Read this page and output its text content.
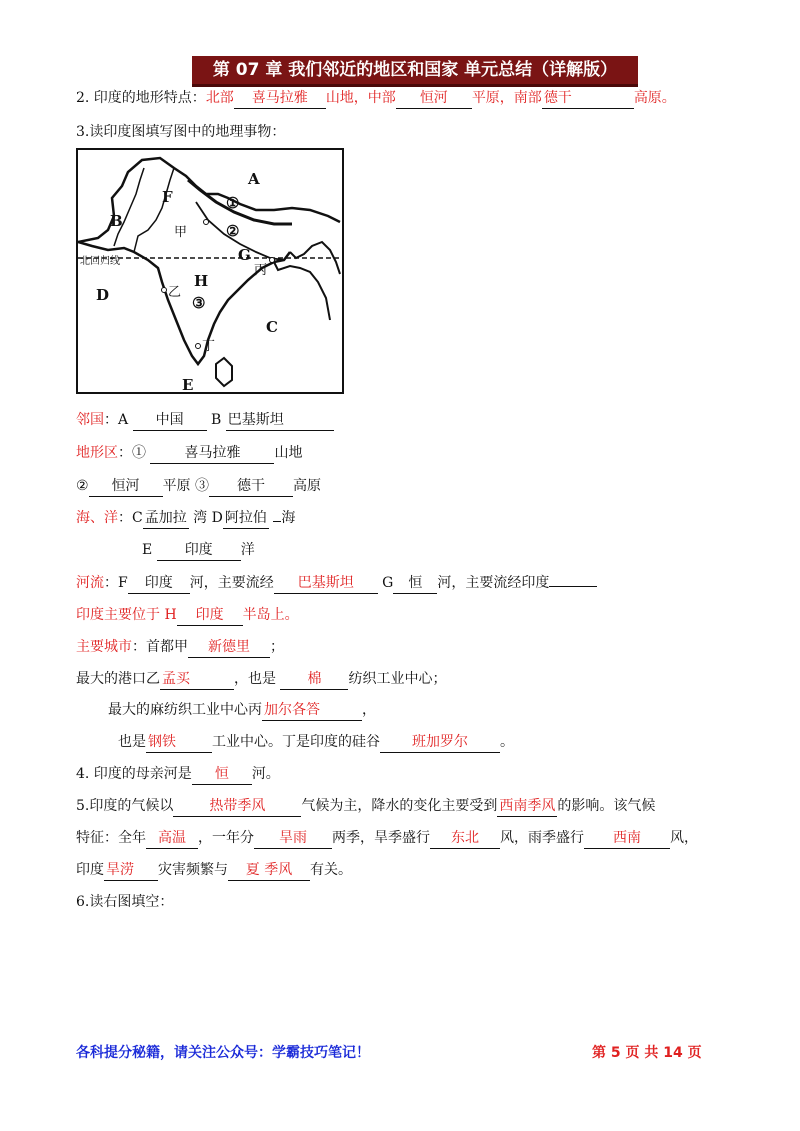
第 07 章 我们邻近的地区和国家 单元总结（详解版）
2. 印度的地形特点：北部 喜马拉雅 山地，中部 恒河 平原，南部 德干	高原。
3.读印度图填写图中的地理事物：
A
B
C
D
E
F
G
H
①
②
③
甲
乙
丙
丁
北回归线
邻国：A 中国 B 巴基斯坦
地形区：①	喜马拉雅 山地
② 恒河 平原 ③ 德干 高原
海、洋：C 孟加拉 湾 D 阿拉伯 海
E 印度 洋
河流：F 印度 河，主要流经 巴基斯坦 G 恒 河，主要流经印度
印度主要位于 H 印度 半岛上。
主要城市：首都甲 新德里 ；
最大的港口乙 孟买	，也是 棉 纺织工业中心；
最大的麻纺织工业中心丙 加尔各答	，
也是 钢铁	工业中心。丁是印度的硅谷 班加罗尔 。
4. 印度的母亲河是 恒 河。
5.印度的气候以	热带季风	气候为主，降水的变化主要受到 西南季风 的影响。该气候
特征：全年 高温 ，一年分 旱雨 两季，旱季盛行 东北 风，雨季盛行 西南 风，
印度 旱涝 灾害频繁与 夏 季风 有关。
6.读右图填空：
各科提分秘籍，请关注公众号：学霸技巧笔记！	第 5 页 共 14 页
